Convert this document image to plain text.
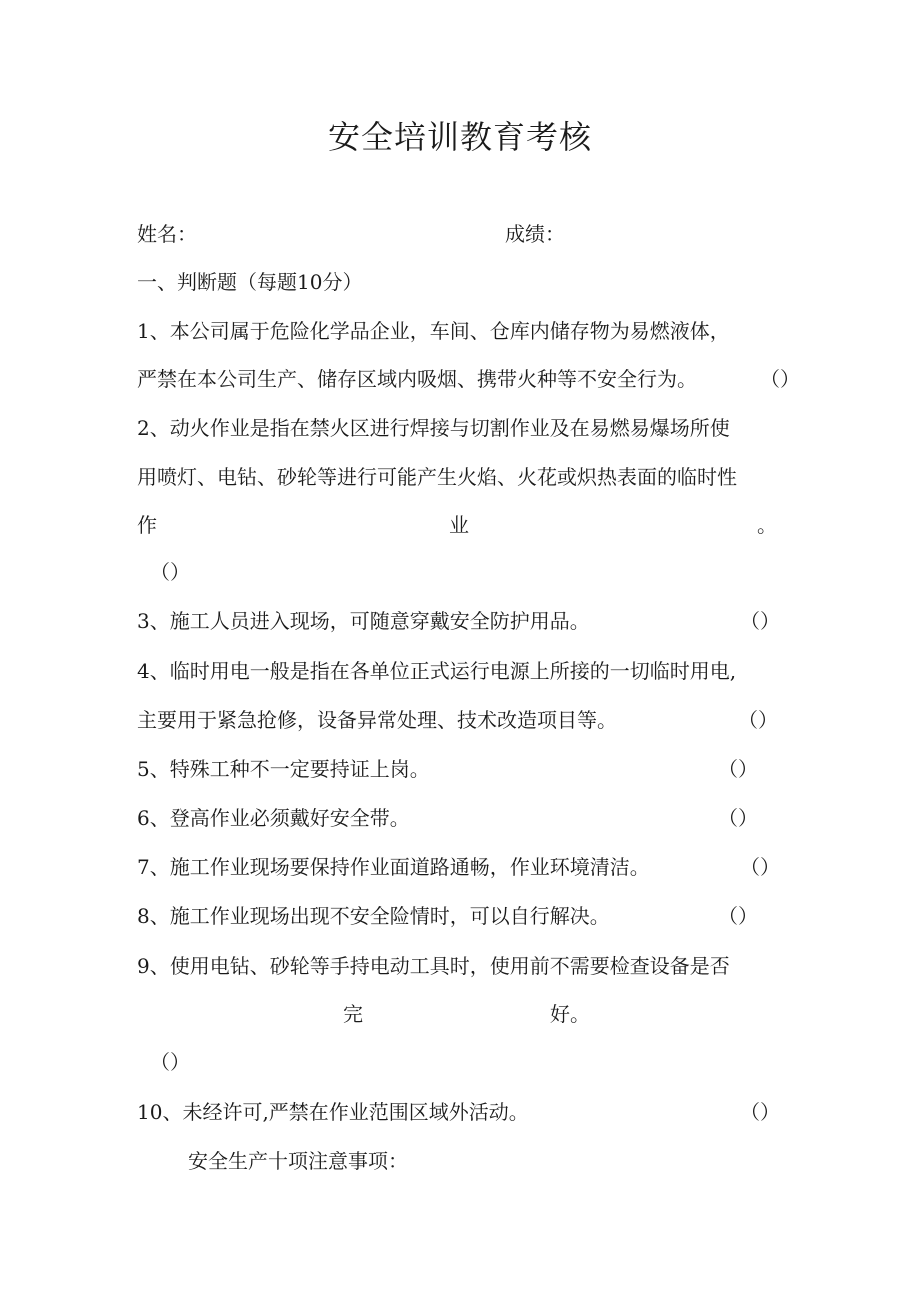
安全培训教育考核
姓名：	成绩：
一、判断题（每题10分）
1、本公司属于危险化学品企业，车间、仓库内储存物为易燃液体，
严禁在本公司生产、储存区域内吸烟、携带火种等不安全行为。	（）
2、动火作业是指在禁火区进行焊接与切割作业及在易燃易爆场所使
用喷灯、电钻、砂轮等进行可能产生火焰、火花或炽热表面的临时性
作	业	。
（）
3、施工人员进入现场，可随意穿戴安全防护用品。	（）
4、临时用电一般是指在各单位正式运行电源上所接的一切临时用电,
主要用于紧急抢修，设备异常处理、技术改造项目等。	（）
5、特殊工种不一定要持证上岗。	（）
6、登高作业必须戴好安全带。	（）
7、施工作业现场要保持作业面道路通畅，作业环境清洁。	（）
8、施工作业现场出现不安全险情时，可以自行解决。	（）
9、使用电钻、砂轮等手持电动工具时，使用前不需要检查设备是否
完	好。
（）
10、未经许可,严禁在作业范围区域外活动。	（）
安全生产十项注意事项：
